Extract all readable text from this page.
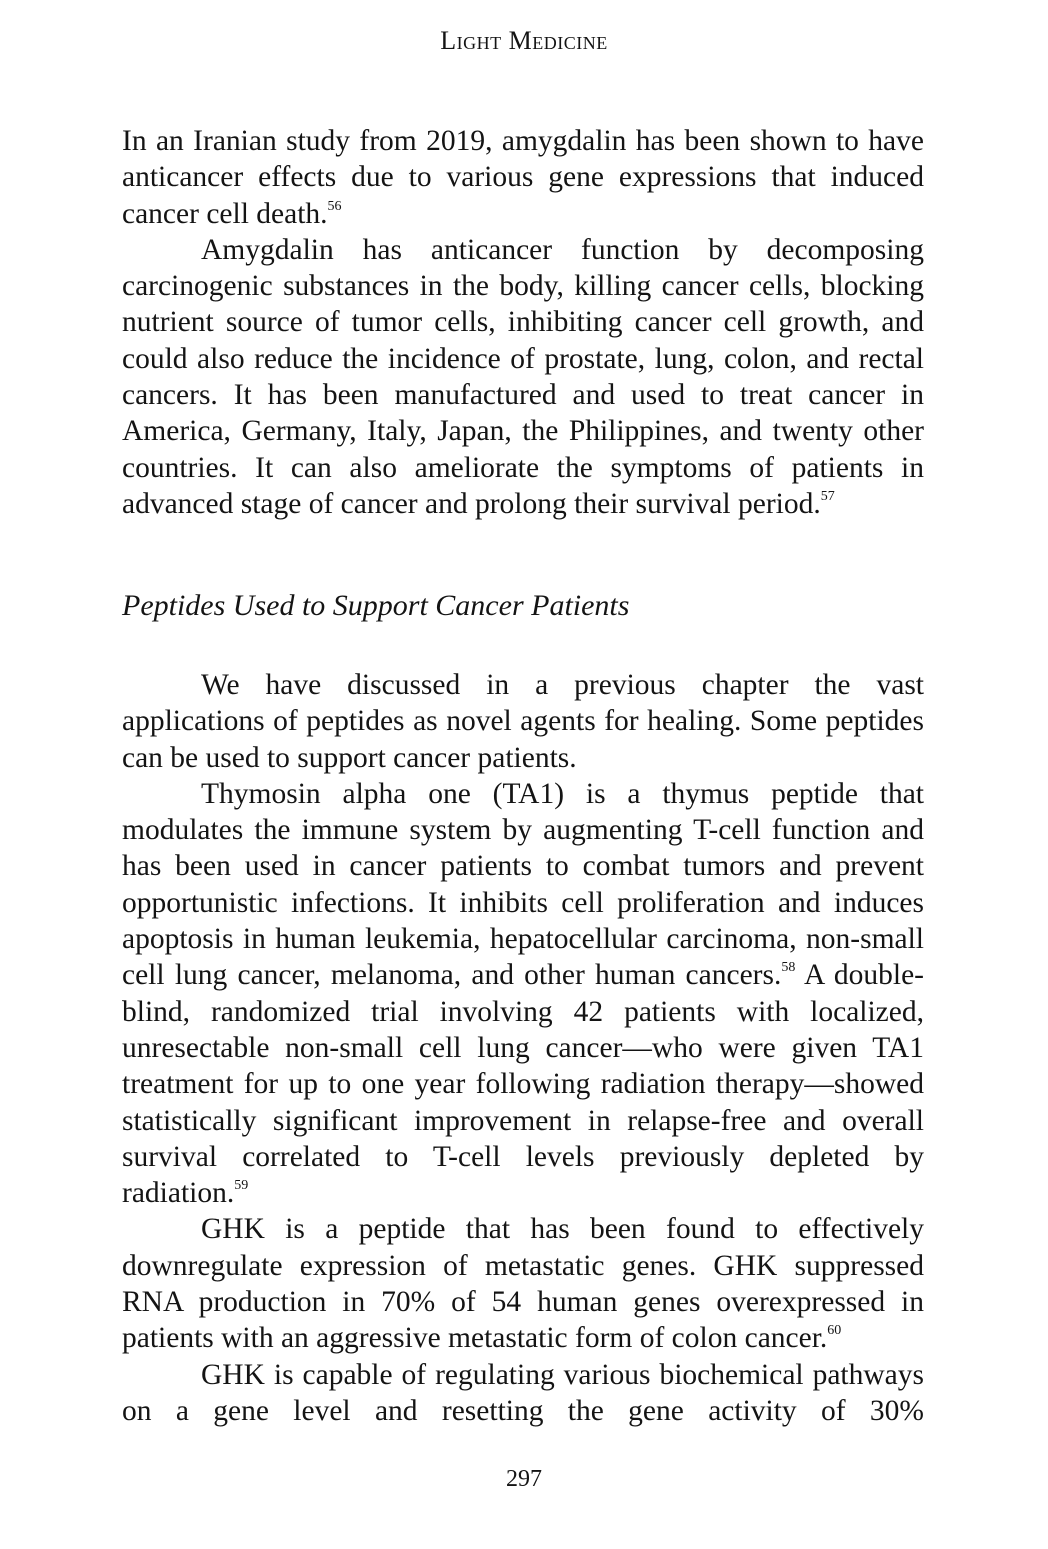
Light Medicine

In an Iranian study from 2019, amygdalin has been shown to have anticancer effects due to various gene expressions that induced cancer cell death.$^{56}$

Amygdalin has anticancer function by decomposing carcinogenic substances in the body, killing cancer cells, blocking nutrient source of tumor cells, inhibiting cancer cell growth, and could also reduce the incidence of prostate, lung, colon, and rectal cancers. It has been manufactured and used to treat cancer in America, Germany, Italy, Japan, the Philippines, and twenty other countries. It can also ameliorate the symptoms of patients in advanced stage of cancer and prolong their survival period.$^{57}$

Peptides Used to Support Cancer Patients

We have discussed in a previous chapter the vast applications of peptides as novel agents for healing. Some peptides can be used to support cancer patients.

Thymosin alpha one (TA1) is a thymus peptide that modulates the immune system by augmenting T-cell function and has been used in cancer patients to combat tumors and prevent opportunistic infections. It inhibits cell proliferation and induces apoptosis in human leukemia, hepatocellular carcinoma, non-small cell lung cancer, melanoma, and other human cancers.$^{58}$ A double-blind, randomized trial involving 42 patients with localized, unresectable non-small cell lung cancer—who were given TA1 treatment for up to one year following radiation therapy—showed statistically significant improvement in relapse-free and overall survival correlated to T-cell levels previously depleted by radiation.$^{59}$

GHK is a peptide that has been found to effectively downregulate expression of metastatic genes. GHK suppressed RNA production in 70% of 54 human genes overexpressed in patients with an aggressive metastatic form of colon cancer.$^{60}$

GHK is capable of regulating various biochemical pathways on a gene level and resetting the gene activity of 30%

297
